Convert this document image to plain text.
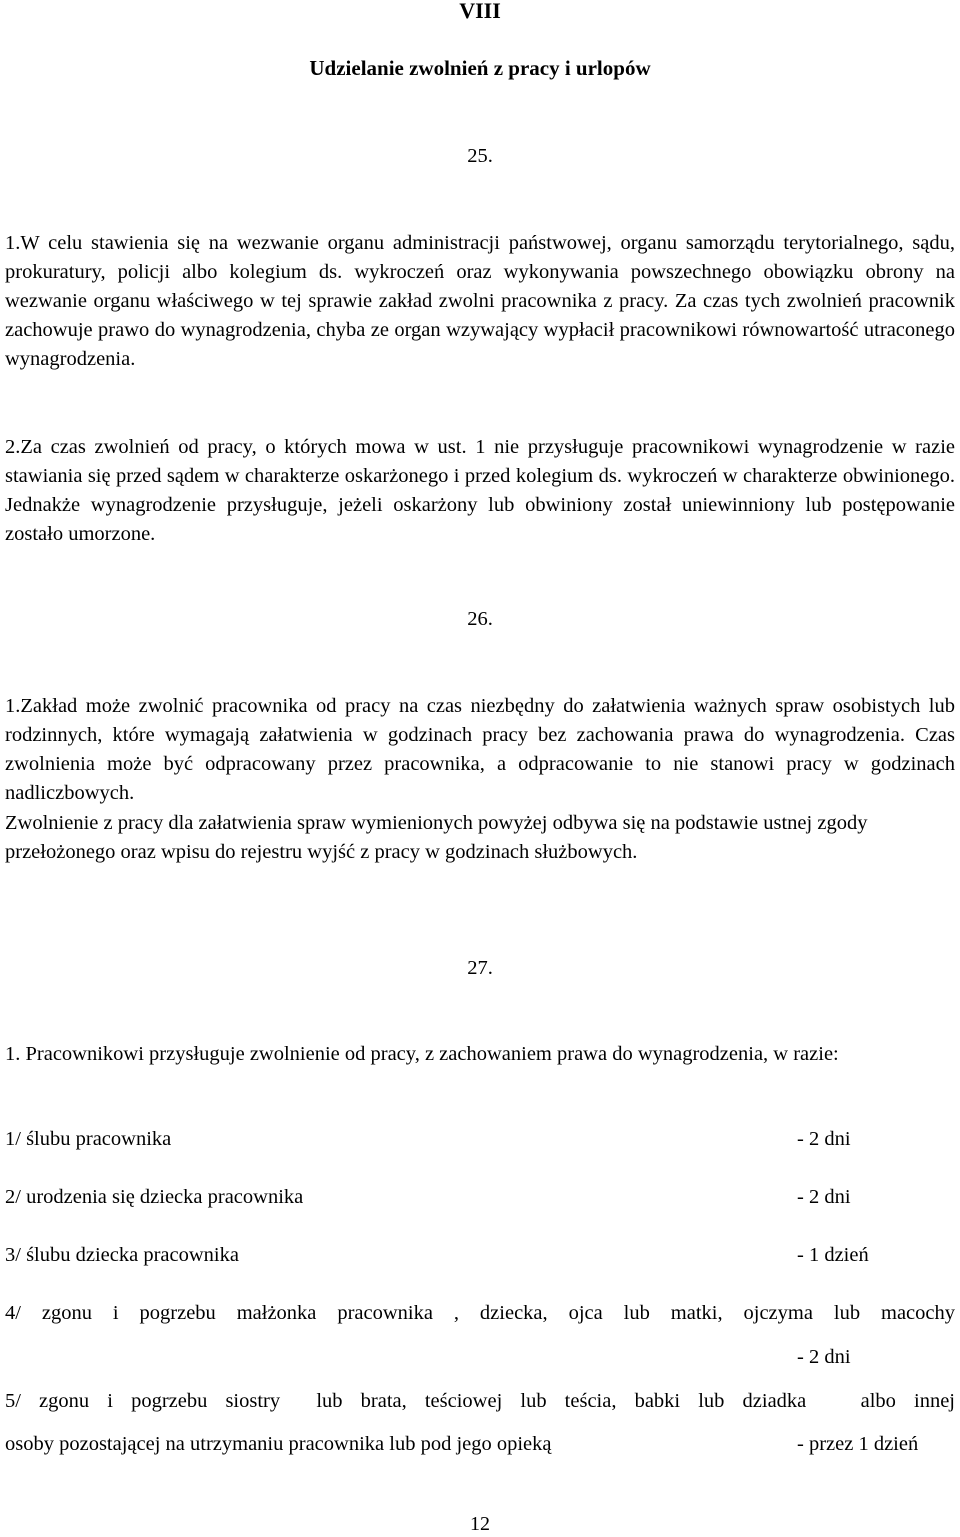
VIII
Udzielanie zwolnień z pracy i urlopów
25.

1.W celu stawienia się na wezwanie organu administracji państwowej, organu samorządu terytorialnego, sądu, prokuratury, policji albo kolegium ds. wykroczeń oraz wykonywania powszechnego obowiązku obrony na wezwanie organu właściwego w tej sprawie zakład zwolni pracownika z pracy. Za czas tych zwolnień pracownik zachowuje prawo do wynagrodzenia, chyba ze organ wzywający wypłacił pracownikowi równowartość utraconego wynagrodzenia.

2.Za czas zwolnień od pracy, o których mowa w ust. 1 nie przysługuje pracownikowi wynagrodzenie w razie stawiania się przed sądem w charakterze oskarżonego i przed kolegium ds. wykroczeń w charakterze obwinionego. Jednakże wynagrodzenie przysługuje, jeżeli oskarżony lub obwiniony został uniewinniony lub postępowanie zostało umorzone.

26.

1.Zakład może zwolnić pracownika od pracy na czas niezbędny do załatwienia ważnych spraw osobistych lub rodzinnych, które wymagają załatwienia w godzinach pracy bez zachowania prawa do wynagrodzenia. Czas zwolnienia może być odpracowany przez pracownika, a odpracowanie to nie stanowi pracy w godzinach nadliczbowych.

Zwolnienie z pracy dla załatwienia spraw wymienionych powyżej odbywa się na podstawie ustnej zgody przełożonego oraz wpisu do rejestru wyjść z pracy w godzinach służbowych.

27.

1. Pracownikowi przysługuje zwolnienie od pracy, z zachowaniem prawa do wynagrodzenia, w razie:

1/ ślubu pracownika	- 2 dni
2/ urodzenia się dziecka pracownika	- 2 dni
3/ ślubu dziecka pracownika	- 1 dzień
4/ zgonu i pogrzebu małżonka pracownika , dziecka, ojca lub matki, ojczyma lub macochy
- 2 dni
5/ zgonu i pogrzebu siostry  lub brata, teściowej lub teścia, babki lub dziadka   albo innej
osoby pozostającej na utrzymaniu pracownika lub pod jego opieką	- przez 1 dzień
12
